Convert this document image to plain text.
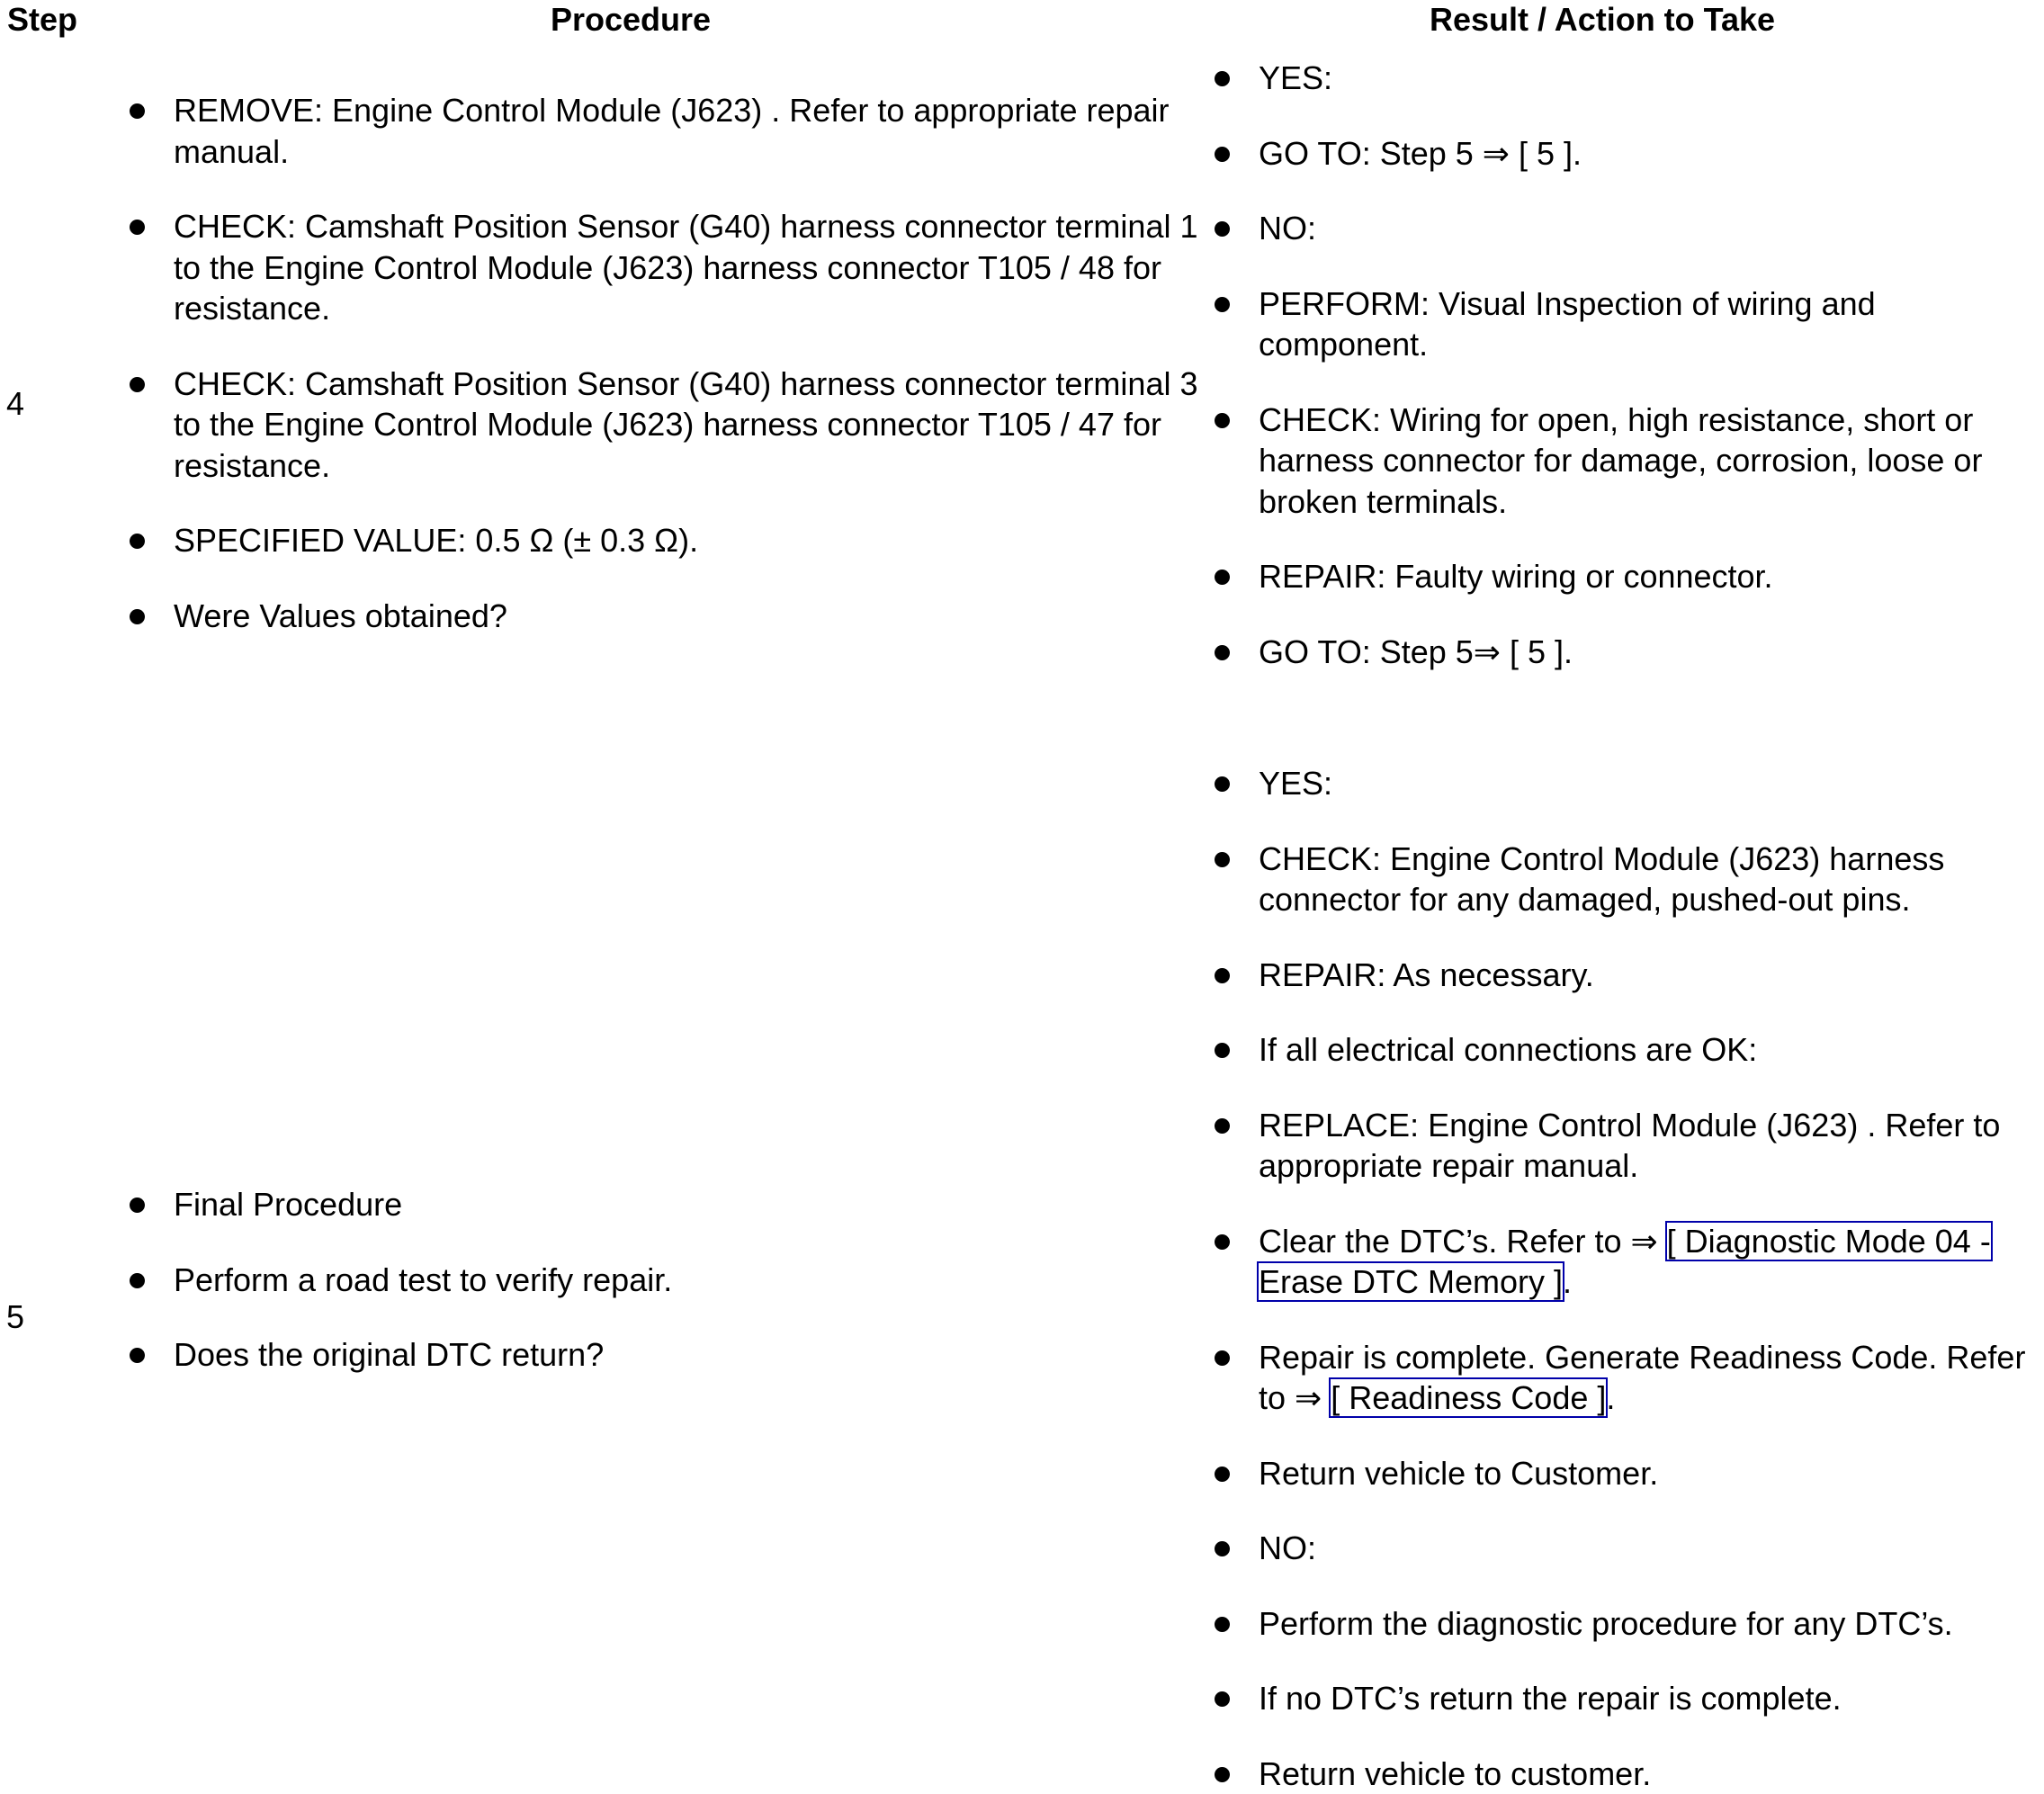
Step	Procedure	Result / Action to Take
4
5
REMOVE: Engine Control Module (J623) . Refer to appropriate repair manual.
CHECK: Camshaft Position Sensor (G40) harness connector terminal 1 to the Engine Control Module (J623) harness connector T105 / 48 for resistance.
CHECK: Camshaft Position Sensor (G40) harness connector terminal 3 to the Engine Control Module (J623) harness connector T105 / 47 for resistance.
SPECIFIED VALUE: 0.5 Ω (± 0.3 Ω).
Were Values obtained?
YES:
GO TO: Step 5 ⇒ [ 5 ].
NO:
PERFORM: Visual Inspection of wiring and component.
CHECK: Wiring for open, high resistance, short or harness connector for damage, corrosion, loose or broken terminals.
REPAIR: Faulty wiring or connector.
GO TO: Step 5⇒ [ 5 ].
YES:
CHECK: Engine Control Module (J623) harness connector for any damaged, pushed-out pins.
REPAIR: As necessary.
If all electrical connections are OK:
REPLACE: Engine Control Module (J623) . Refer to appropriate repair manual.
Clear the DTC’s. Refer to ⇒ [ Diagnostic Mode 04 - Erase DTC Memory ].
Repair is complete. Generate Readiness Code. Refer to ⇒ [ Readiness Code ].
Return vehicle to Customer.
NO:
Perform the diagnostic procedure for any DTC’s.
If no DTC’s return the repair is complete.
Return vehicle to customer.
Final Procedure
Perform a road test to verify repair.
Does the original DTC return?
